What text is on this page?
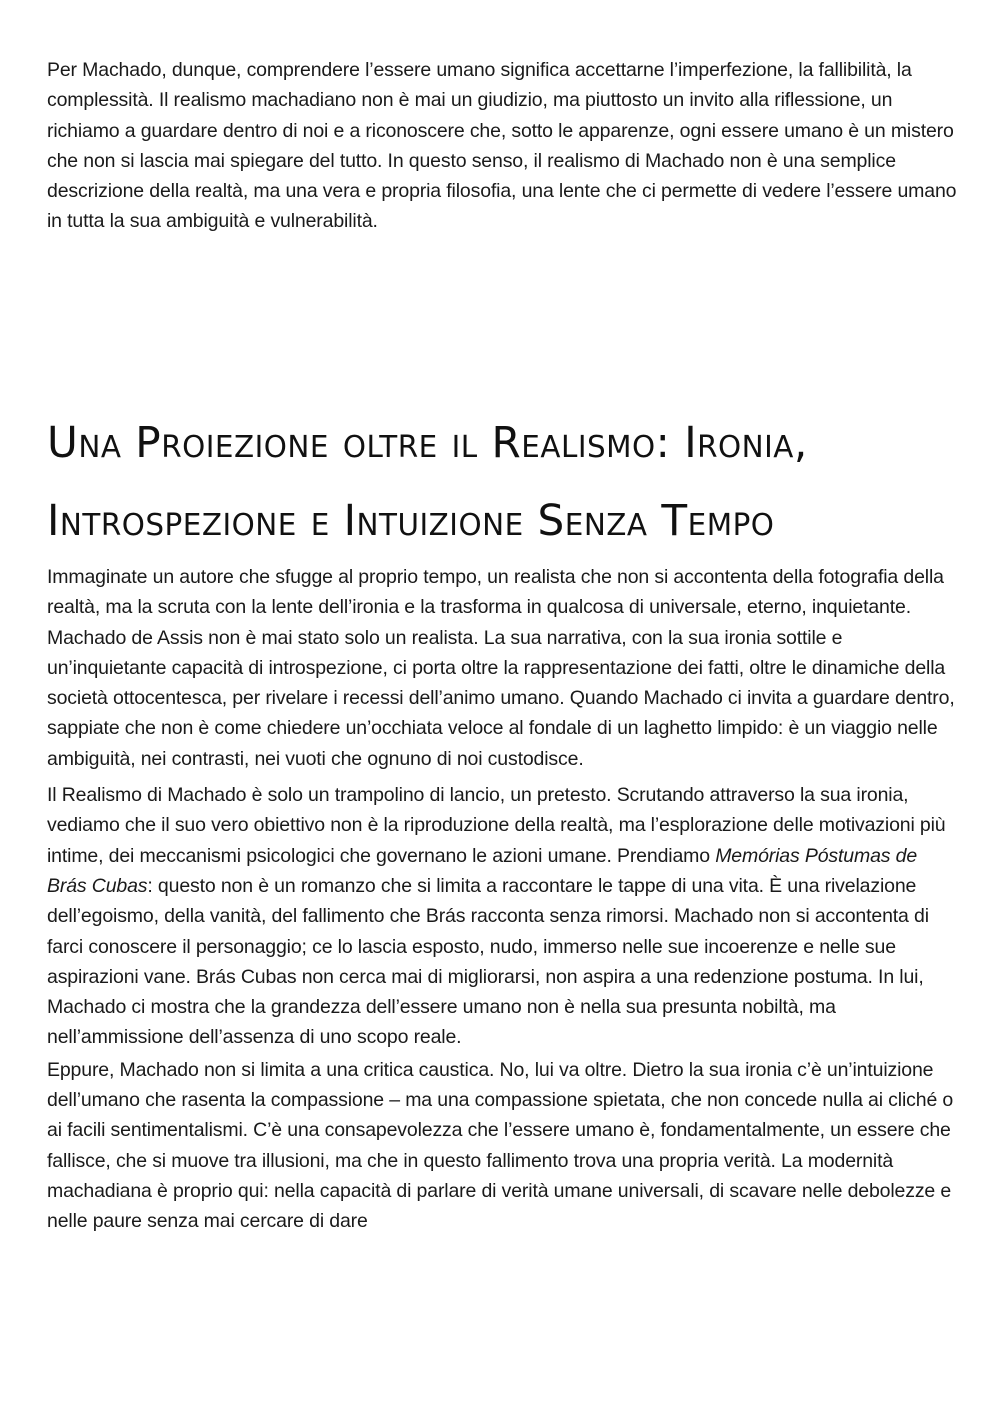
Per Machado, dunque, comprendere l’essere umano significa accettarne l’imperfezione, la fallibilità, la complessità. Il realismo machadiano non è mai un giudizio, ma piuttosto un invito alla riflessione, un richiamo a guardare dentro di noi e a riconoscere che, sotto le apparenze, ogni essere umano è un mistero che non si lascia mai spiegare del tutto. In questo senso, il realismo di Machado non è una semplice descrizione della realtà, ma una vera e propria filosofia, una lente che ci permette di vedere l’essere umano in tutta la sua ambiguità e vulnerabilità.

Una Proiezione oltre il Realismo: Ironia, Introspezione e Intuizione Senza Tempo

Immaginate un autore che sfugge al proprio tempo, un realista che non si accontenta della fotografia della realtà, ma la scruta con la lente dell’ironia e la trasforma in qualcosa di universale, eterno, inquietante. Machado de Assis non è mai stato solo un realista. La sua narrativa, con la sua ironia sottile e un’inquietante capacità di introspezione, ci porta oltre la rappresentazione dei fatti, oltre le dinamiche della società ottocentesca, per rivelare i recessi dell’animo umano. Quando Machado ci invita a guardare dentro, sappiate che non è come chiedere un’occhiata veloce al fondale di un laghetto limpido: è un viaggio nelle ambiguità, nei contrasti, nei vuoti che ognuno di noi custodisce.

Il Realismo di Machado è solo un trampolino di lancio, un pretesto. Scrutando attraverso la sua ironia, vediamo che il suo vero obiettivo non è la riproduzione della realtà, ma l’esplorazione delle motivazioni più intime, dei meccanismi psicologici che governano le azioni umane. Prendiamo Memórias Póstumas de Brás Cubas: questo non è un romanzo che si limita a raccontare le tappe di una vita. È una rivelazione dell’egoismo, della vanità, del fallimento che Brás racconta senza rimorsi. Machado non si accontenta di farci conoscere il personaggio; ce lo lascia esposto, nudo, immerso nelle sue incoerenze e nelle sue aspirazioni vane. Brás Cubas non cerca mai di migliorarsi, non aspira a una redenzione postuma. In lui, Machado ci mostra che la grandezza dell’essere umano non è nella sua presunta nobiltà, ma nell’ammissione dell’assenza di uno scopo reale.

Eppure, Machado non si limita a una critica caustica. No, lui va oltre. Dietro la sua ironia c’è un’intuizione dell’umano che rasenta la compassione – ma una compassione spietata, che non concede nulla ai cliché o ai facili sentimentalismi. C’è una consapevolezza che l’essere umano è, fondamentalmente, un essere che fallisce, che si muove tra illusioni, ma che in questo fallimento trova una propria verità. La modernità machadiana è proprio qui: nella capacità di parlare di verità umane universali, di scavare nelle debolezze e nelle paure senza mai cercare di dare
